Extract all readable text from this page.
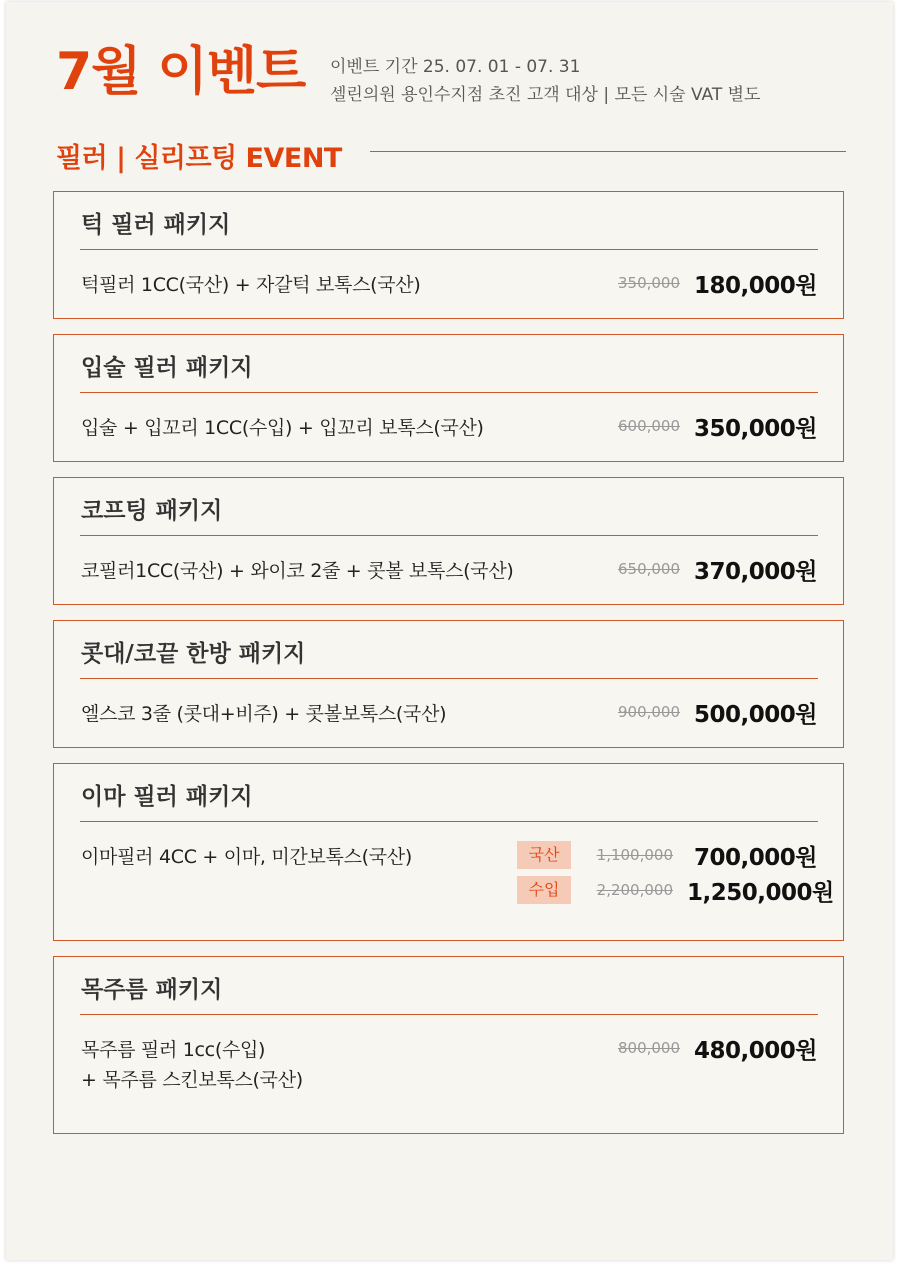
7월 이벤트 이벤트 기간 25. 07. 01 - 07. 31
셀린의원 용인수지점 초진 고객 대상 | 모든 시술 VAT 별도
필러 | 실리프팅 EVENT
턱 필러 패키지
턱필러 1CC(국산) + 자갈턱 보톡스(국산)	350,000 180,000원
입술 필러 패키지
입술 + 입꼬리 1CC(수입) + 입꼬리 보톡스(국산)	600,000 350,000원
코프팅 패키지
코필러1CC(국산) + 와이코 2줄 + 콧볼 보톡스(국산)	650,000 370,000원
콧대/코끝 한방 패키지
엘스코 3줄 (콧대+비주) + 콧볼보톡스(국산)	900,000 500,000원
이마 필러 패키지
이마필러 4CC + 이마, 미간보톡스(국산)	국산	1,100,000 700,000원
수입	2,200,000 1,250,000원
목주름 패키지
목주름 필러 1cc(수입)
+ 목주름 스킨보톡스(국산)
800,000 480,000원
